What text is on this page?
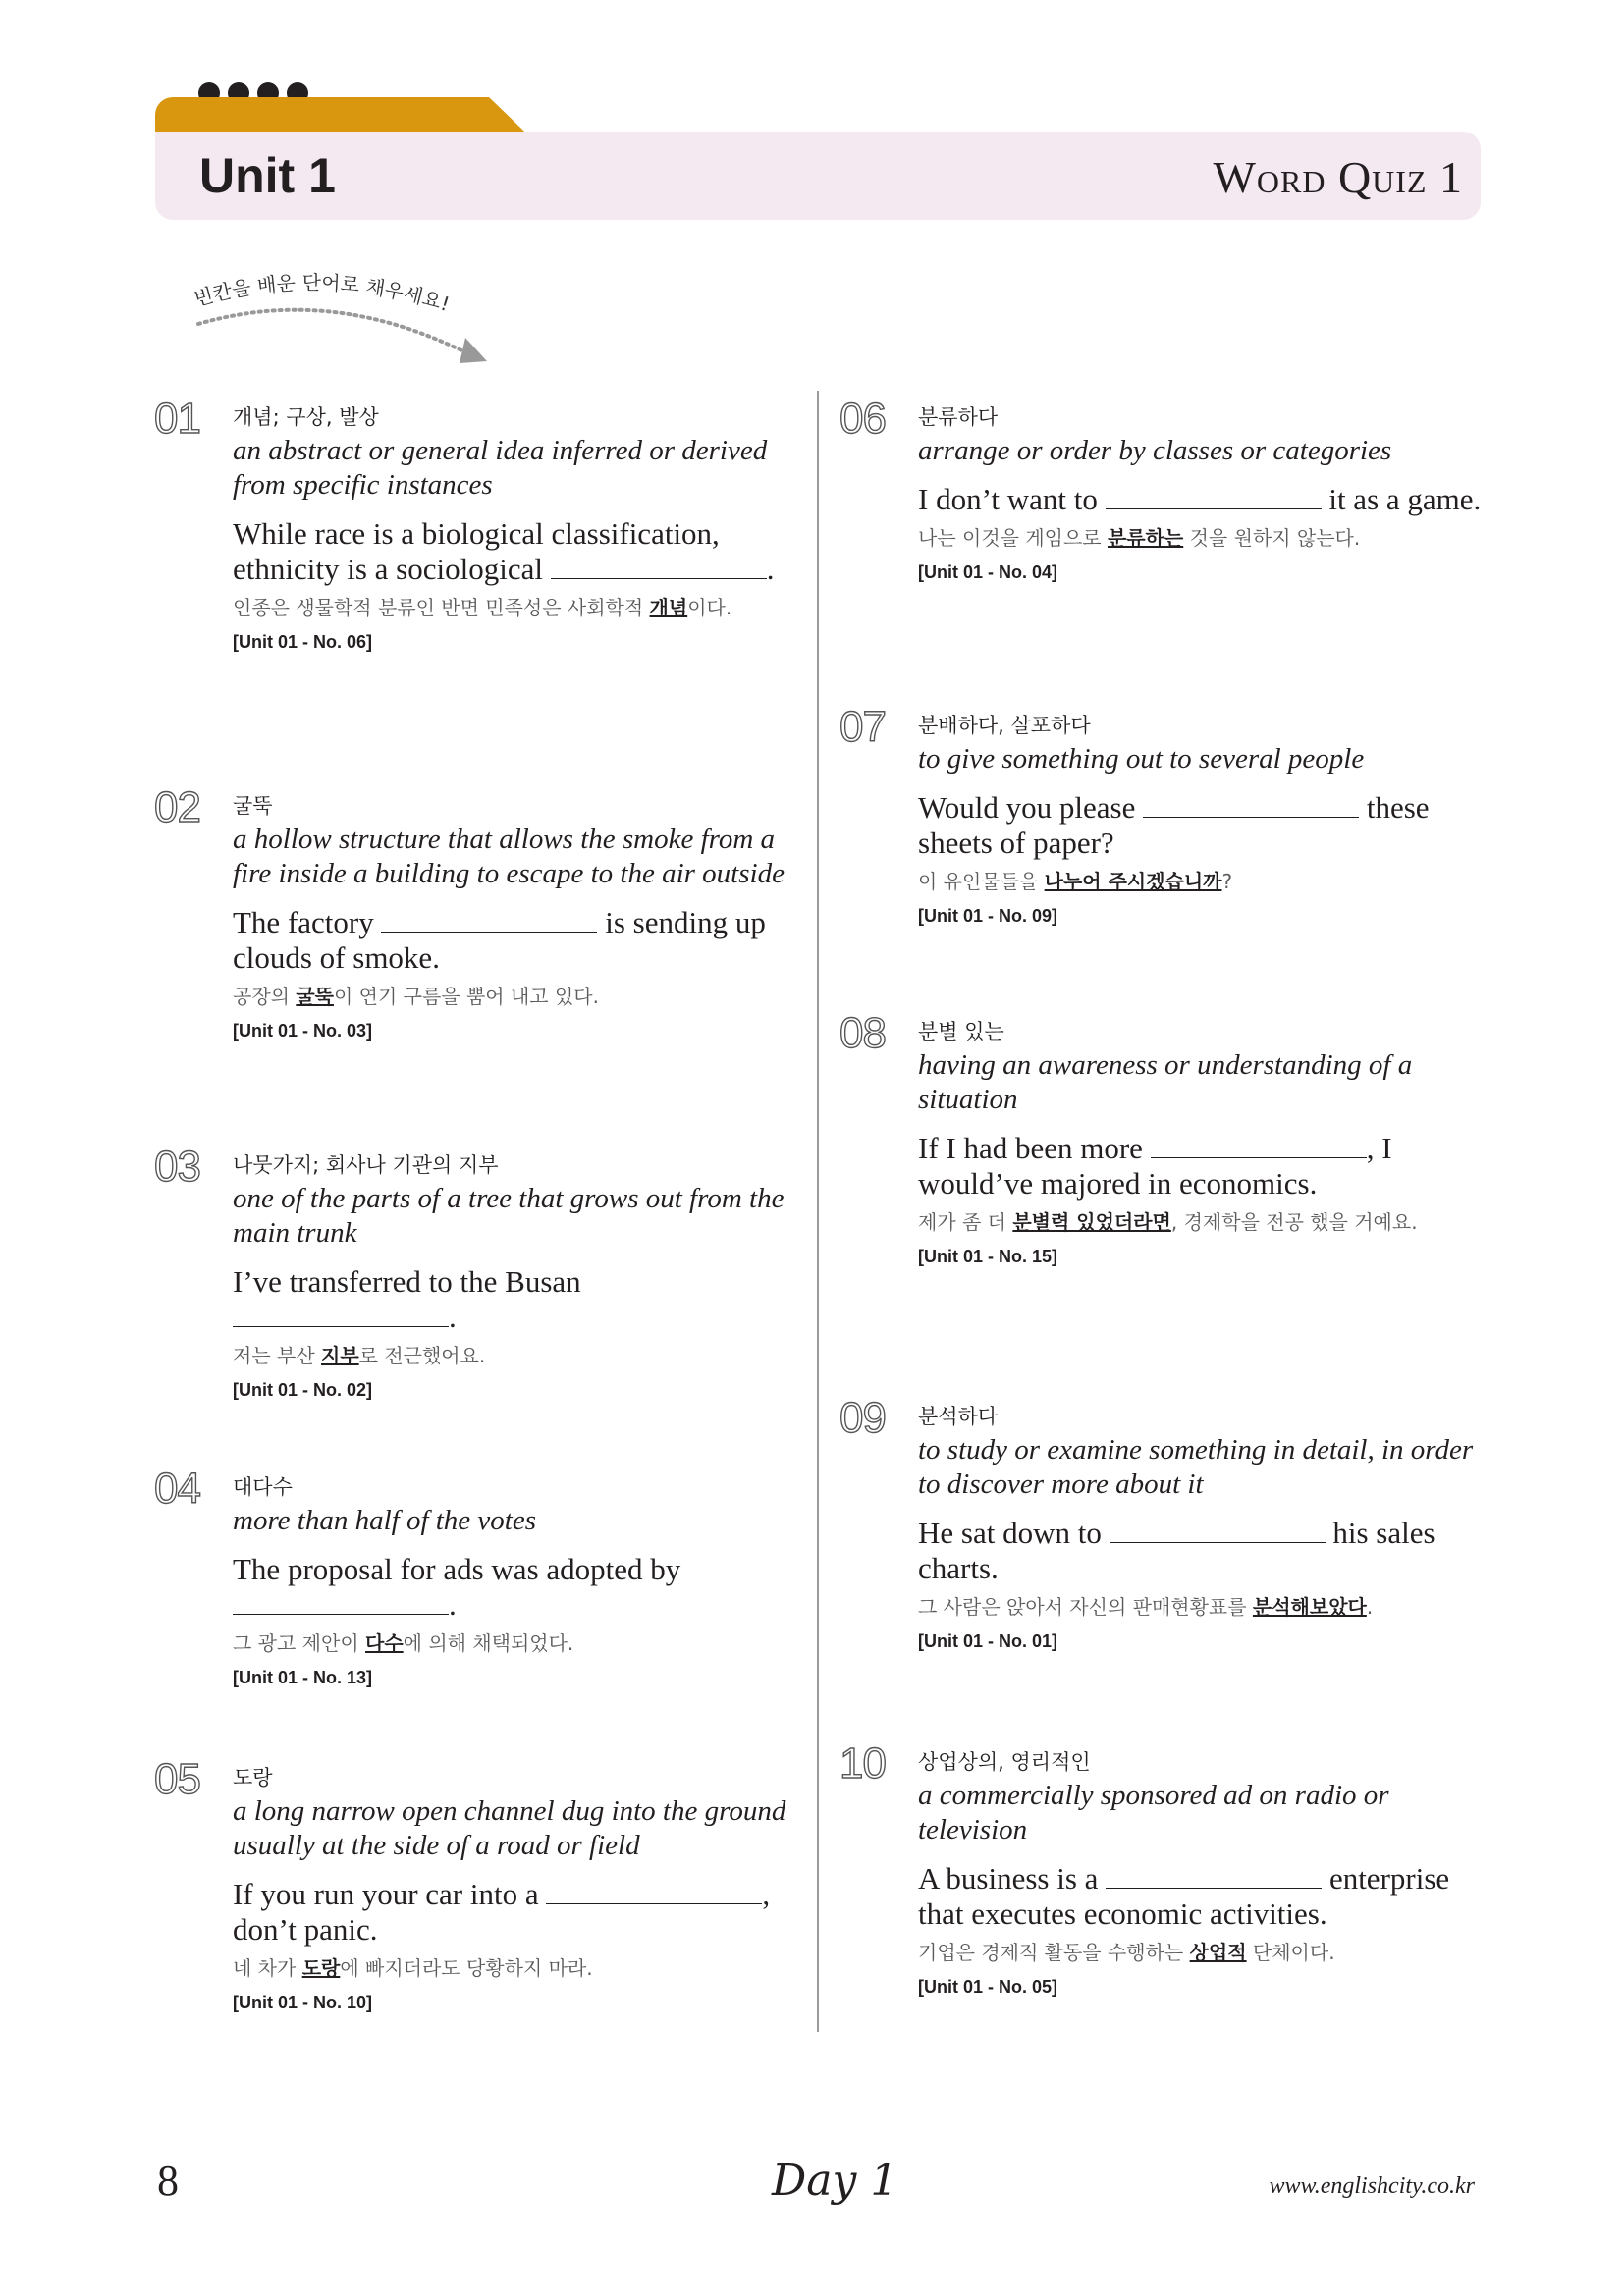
Unit 1	Word Quiz 1
빈칸을 배운 단어로 채우세요!
01 개념; 구상, 발상

an abstract or general idea inferred or derived from specific instances

While race is a biological classification, ethnicity is a sociological	.

인종은 생물학적 분류인 반면 민족성은 사회학적 개념이다.

[Unit 01 - No. 06]

02 굴뚝

a hollow structure that allows the smoke from a fire inside a building to escape to the air outside

The factory	is sending up clouds of smoke.

공장의 굴뚝이 연기 구름을 뿜어 내고 있다.

[Unit 01 - No. 03]

03 나뭇가지; 회사나 기관의 지부

one of the parts of a tree that grows out from the main trunk

I’ve transferred to the Busan .

저는 부산 지부로 전근했어요.

[Unit 01 - No. 02]

04 대다수

more than half of the votes

The proposal for ads was adopted by .

그 광고 제안이 다수에 의해 채택되었다.

[Unit 01 - No. 13]

05 도랑

a long narrow open channel dug into the ground usually at the side of a road or field

If you run your car into a	, don’t panic.

네 차가 도랑에 빠지더라도 당황하지 마라.

[Unit 01 - No. 10]

06 분류하다

arrange or order by classes or categories

I don’t want to	it as a game.

나는 이것을 게임으로 분류하는 것을 원하지 않는다.

[Unit 01 - No. 04]

07 분배하다, 살포하다

to give something out to several people

Would you please	these sheets of paper?

이 유인물들을 나누어 주시겠습니까?

[Unit 01 - No. 09]

08 분별 있는

having an awareness or understanding of a situation

If I had been more	, I would’ve majored in economics.

제가 좀 더 분별력 있었더라면, 경제학을 전공 했을 거예요.

[Unit 01 - No. 15]

09 분석하다

to study or examine something in detail, in order to discover more about it

He sat down to	his sales charts.

그 사람은 앉아서 자신의 판매현황표를 분석해보았다.

[Unit 01 - No. 01]

10 상업상의, 영리적인

a commercially sponsored ad on radio or television

A business is a	enterprise that executes economic activities.

기업은 경제적 활동을 수행하는 상업적 단체이다.

[Unit 01 - No. 05]

8	Day 1	www.englishcity.co.kr
